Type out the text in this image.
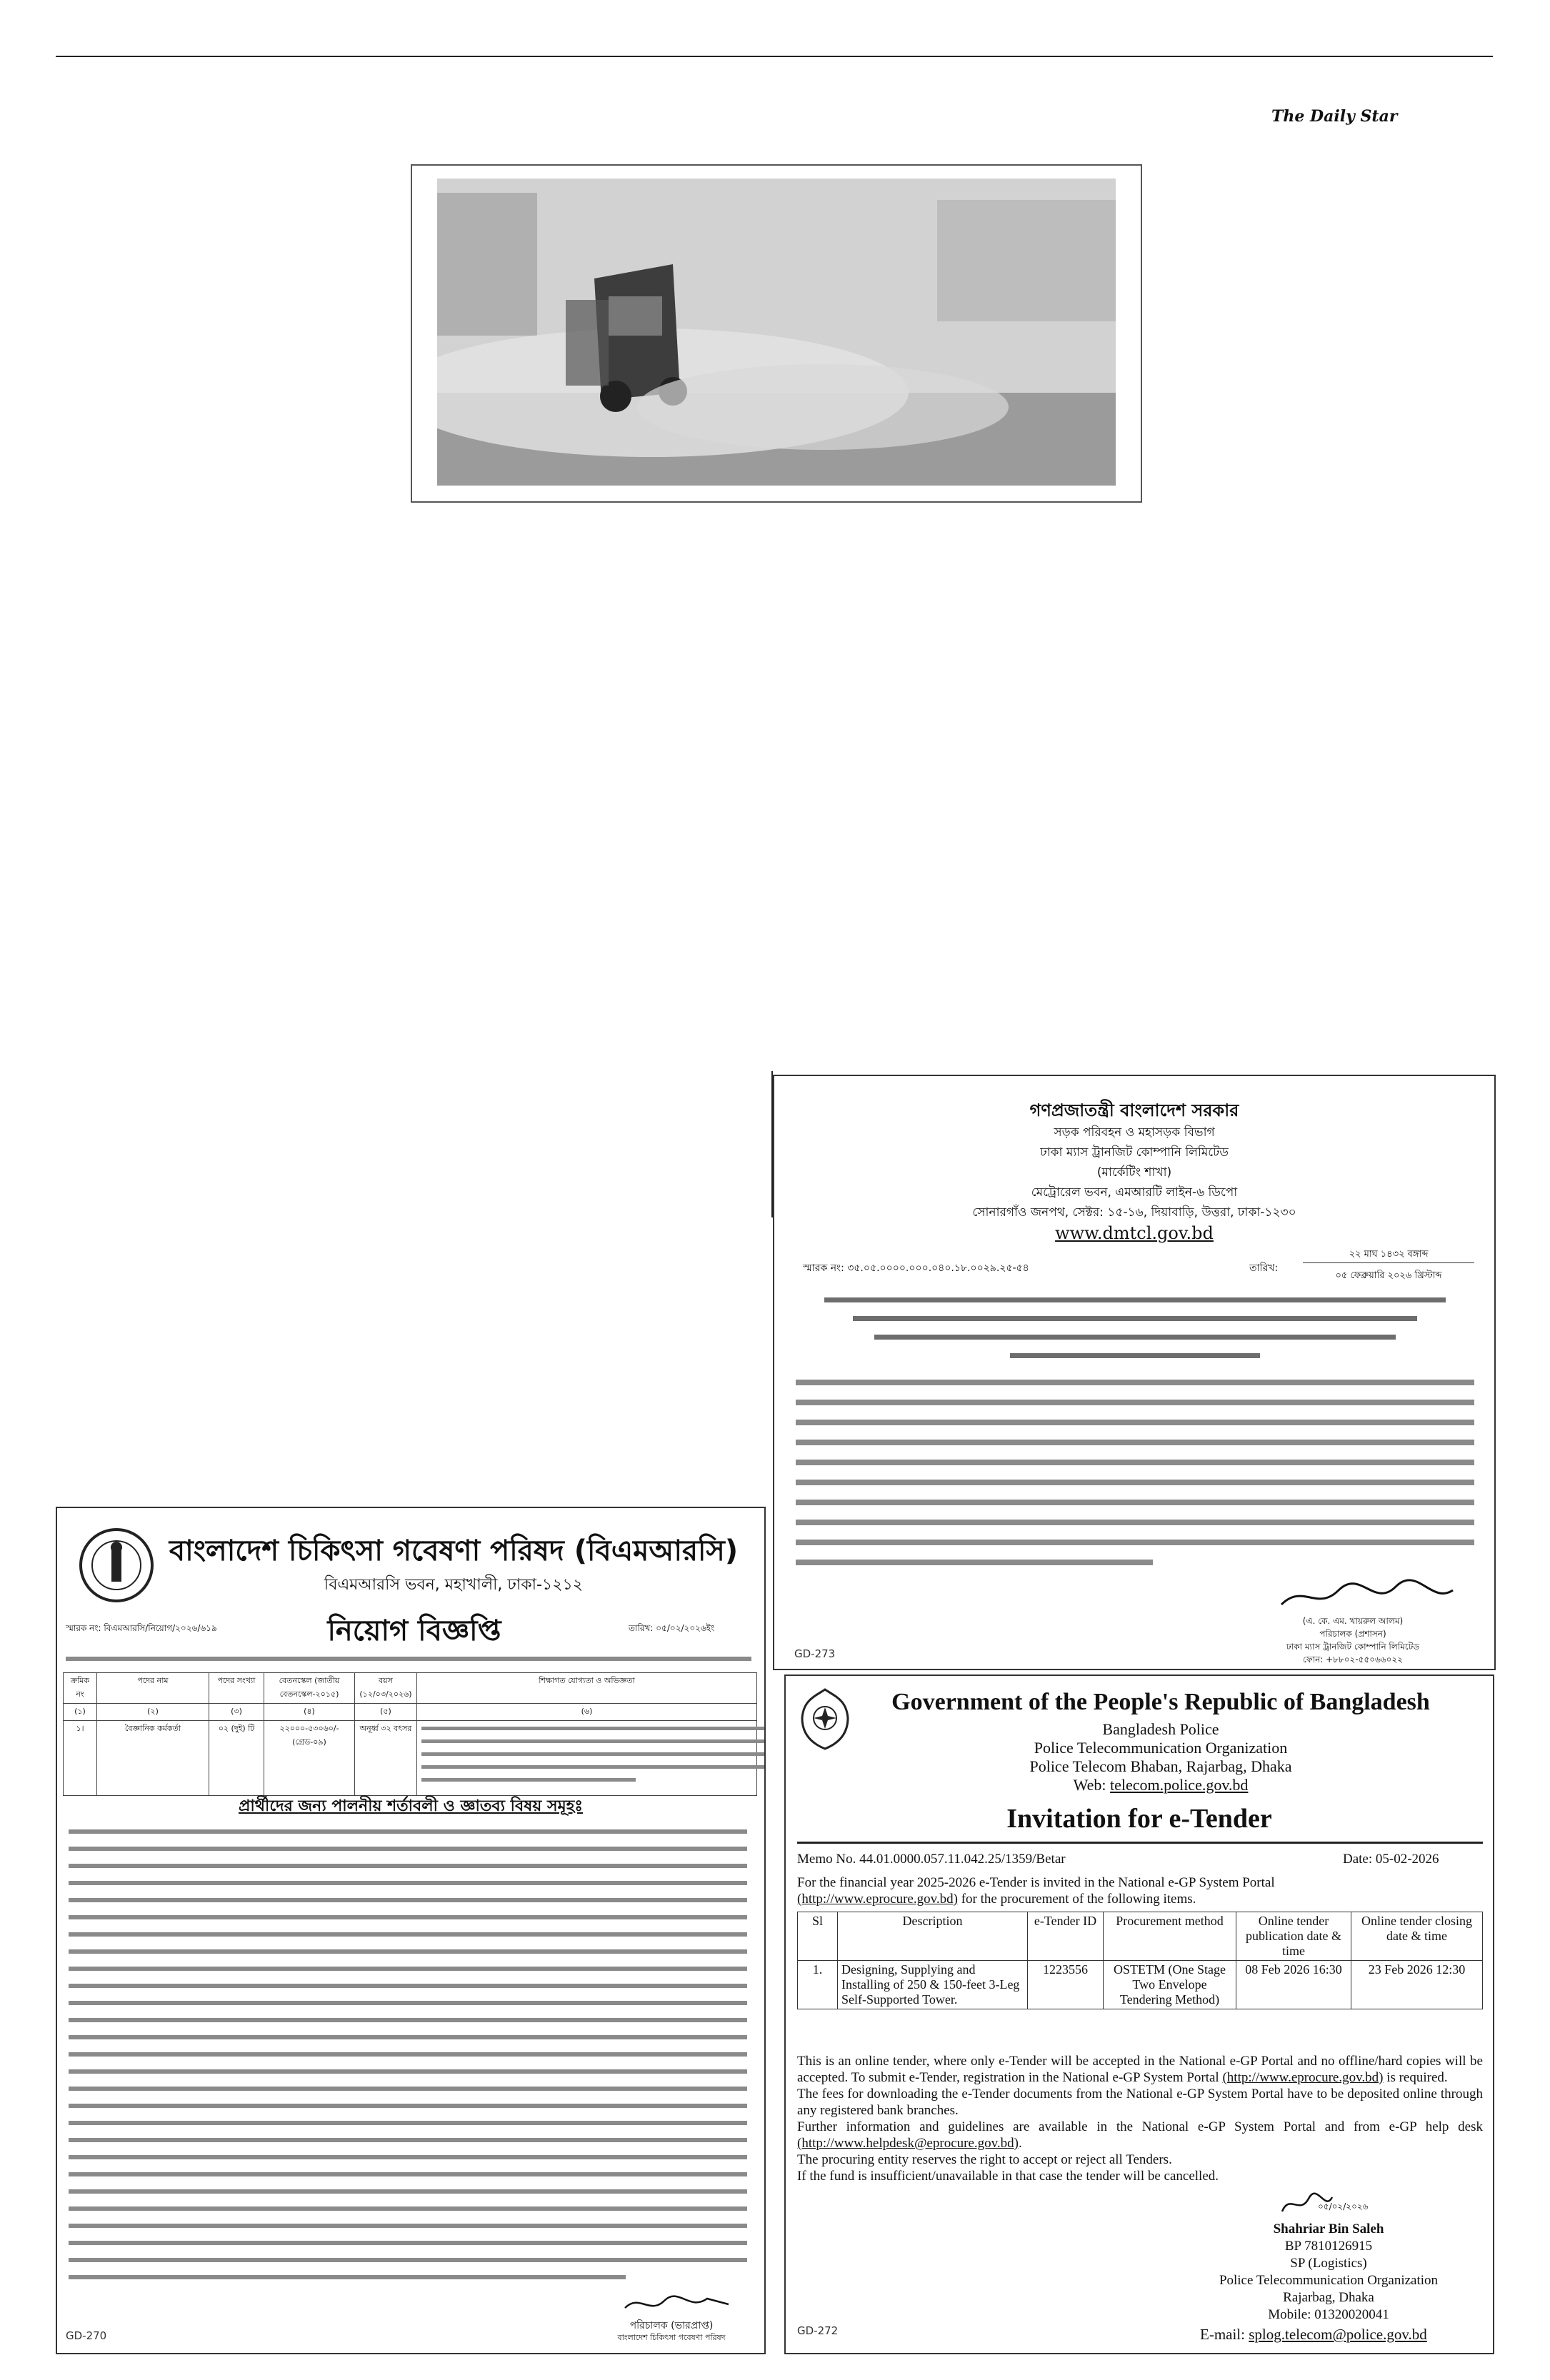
The Daily Star
গণপ্রজাতন্ত্রী বাংলাদেশ সরকার
সড়ক পরিবহন ও মহাসড়ক বিভাগ
ঢাকা ম্যাস ট্রানজিট কোম্পানি লিমিটেড
(মার্কেটিং শাখা)
মেট্রোরেল ভবন, এমআরটি লাইন-৬ ডিপো
সোনারগাঁও জনপথ, সেক্টর: ১৫-১৬, দিয়াবাড়ি, উত্তরা, ঢাকা-১২৩০
www.dmtcl.gov.bd
স্মারক নং: ৩৫.০৫.০০০০.০০০.০৪০.১৮.০০২৯.২৫-৫৪	তারিখ:
২২ মাঘ ১৪৩২ বঙ্গাব্দ
০৫ ফেব্রুয়ারি ২০২৬ খ্রিস্টাব্দ
(এ. কে. এম. খায়রুল আলম)
পরিচালক (প্রশাসন)
ঢাকা ম্যাস ট্রানজিট কোম্পানি লিমিটেড
ফোন: +৮৮০২-৫৫০৬৬০২২
GD-273
বাংলাদেশ চিকিৎসা গবেষণা পরিষদ (বিএমআরসি)
বিএমআরসি ভবন, মহাখালী, ঢাকা-১২১২
স্মারক নং: বিএমআরসি/নিয়োগ/২০২৬/৬১৯	নিয়োগ বিজ্ঞপ্তি	তারিখ: ০৫/০২/২০২৬ইং
ক্রমিক নং	পদের নাম	পদের সংখ্যা	বেতনস্কেল (জাতীয় বেতনস্কেল-২০১৫)	বয়স (১২/০৩/২০২৬)	শিক্ষাগত যোগ্যতা ও অভিজ্ঞতা
(১)	(২)	(৩)	(৪)	(৫)	(৬)
১।	বৈজ্ঞানিক কর্মকর্তা	০২ (দুই) টি	২২০০০-৫৩০৬০/- (গ্রেড-০৯)	অনূর্ধ্ব ৩২ বৎসর	
প্রার্থীদের জন্য পালনীয় শর্তাবলী ও জ্ঞাতব্য বিষয় সমূহঃ
পরিচালক (ভারপ্রাপ্ত)
বাংলাদেশ চিকিৎসা গবেষণা পরিষদ
GD-270
Government of the People's Republic of Bangladesh
Bangladesh Police
Police Telecommunication Organization
Police Telecom Bhaban, Rajarbag, Dhaka
Web: telecom.police.gov.bd
Invitation for e-Tender
Memo No. 44.01.0000.057.11.042.25/1359/Betar	Date: 05-02-2026

For the financial year 2025-2026 e-Tender is invited in the National e-GP System Portal

(http://www.eprocure.gov.bd) for the procurement of the following items.

Sl	Description	e-Tender ID	Procurement method	Online tender publication date & time	Online tender closing date & time
1.	Designing, Supplying and Installing of 250 & 150-feet 3-Leg Self-Supported Tower.	1223556	OSTETM (One Stage Two Envelope Tendering Method)	08 Feb 2026 16:30	23 Feb 2026 12:30

This is an online tender, where only e-Tender will be accepted in the National e-GP Portal and no offline/hard copies will be accepted. To submit e-Tender, registration in the National e-GP System Portal (http://www.eprocure.gov.bd) is required.

The fees for downloading the e-Tender documents from the National e-GP System Portal have to be deposited online through any registered bank branches.

Further information and guidelines are available in the National e-GP System Portal and from e-GP help desk (http://www.helpdesk@eprocure.gov.bd).

The procuring entity reserves the right to accept or reject all Tenders.

If the fund is insufficient/unavailable in that case the tender will be cancelled.

০৫/০২/২০২৬
Shahriar Bin Saleh
BP 7810126915
SP (Logistics)
Police Telecommunication Organization
Rajarbag, Dhaka
Mobile: 01320020041
E-mail: splog.telecom@police.gov.bd
GD-272
